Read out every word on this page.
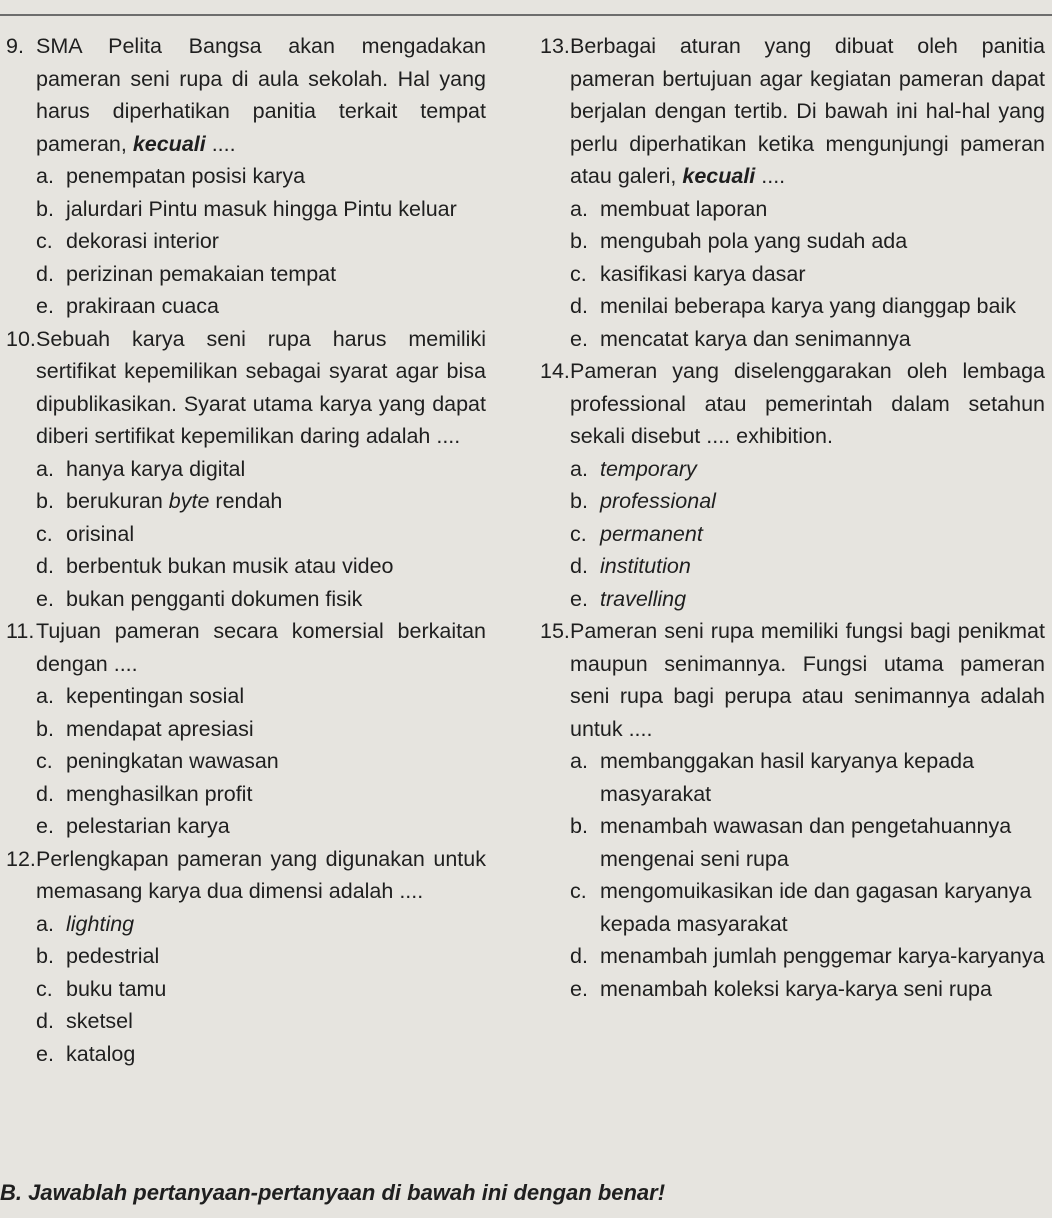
9. SMA Pelita Bangsa akan mengadakan pameran seni rupa di aula sekolah. Hal yang harus diperhatikan panitia terkait tempat pameran, kecuali ....
a. penempatan posisi karya
b. jalurdari Pintu masuk hingga Pintu keluar
c. dekorasi interior
d. perizinan pemakaian tempat
e. prakiraan cuaca
10. Sebuah karya seni rupa harus memiliki sertifikat kepemilikan sebagai syarat agar bisa dipublikasikan. Syarat utama karya yang dapat diberi sertifikat kepemilikan daring adalah ....
a. hanya karya digital
b. berukuran byte rendah
c. orisinal
d. berbentuk bukan musik atau video
e. bukan pengganti dokumen fisik
11. Tujuan pameran secara komersial berkaitan dengan ....
a. kepentingan sosial
b. mendapat apresiasi
c. peningkatan wawasan
d. menghasilkan profit
e. pelestarian karya
12. Perlengkapan pameran yang digunakan untuk memasang karya dua dimensi adalah ....
a. lighting
b. pedestrial
c. buku tamu
d. sketsel
e. katalog
13. Berbagai aturan yang dibuat oleh panitia pameran bertujuan agar kegiatan pameran dapat berjalan dengan tertib. Di bawah ini hal-hal yang perlu diperhatikan ketika mengunjungi pameran atau galeri, kecuali ....
a. membuat laporan
b. mengubah pola yang sudah ada
c. kasifikasi karya dasar
d. menilai beberapa karya yang dianggap baik
e. mencatat karya dan senimannya
14. Pameran yang diselenggarakan oleh lembaga professional atau pemerintah dalam setahun sekali disebut .... exhibition.
a. temporary
b. professional
c. permanent
d. institution
e. travelling
15. Pameran seni rupa memiliki fungsi bagi penikmat maupun senimannya. Fungsi utama pameran seni rupa bagi perupa atau senimannya adalah untuk ....
a. membanggakan hasil karyanya kepada masyarakat
b. menambah wawasan dan pengetahuannya mengenai seni rupa
c. mengomuikasikan ide dan gagasan karyanya kepada masyarakat
d. menambah jumlah penggemar karya-karyanya
e. menambah koleksi karya-karya seni rupa
B. Jawablah pertanyaan-pertanyaan di bawah ini dengan benar!
